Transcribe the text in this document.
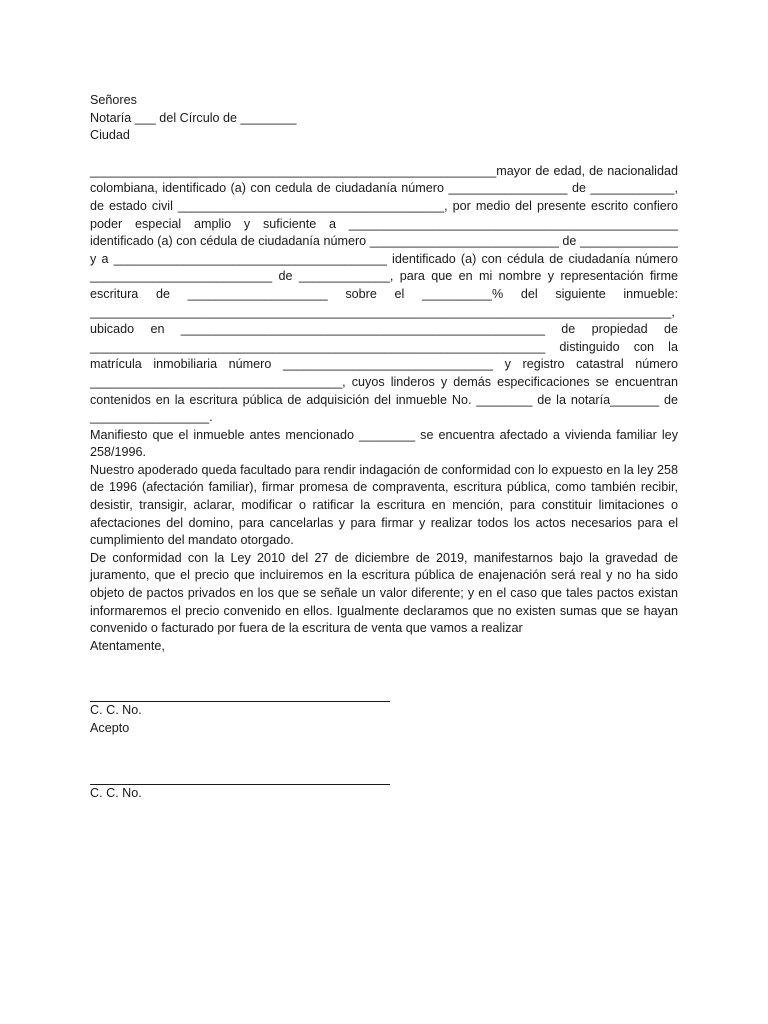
Señores

Notaría ___ del Círculo de ________

Ciudad

__________________________________________________________mayor de edad, de nacionalidad colombiana, identificado (a) con cedula de ciudadanía número _________________ de ____________, de estado civil ______________________________________, por medio del presente escrito confiero poder especial amplio y suficiente a _______________________________________________ identificado (a) con cédula de ciudadanía número ___________________________ de ______________ y a _______________________________________ identificado (a) con cédula de ciudadanía número __________________________ de _____________, para que en mi nombre y representación firme escritura de ____________________ sobre el __________% del siguiente inmueble: ___________________________________________________________________________________, ubicado en ____________________________________________________ de propiedad de _________________________________________________________________ distinguido con la matrícula inmobiliaria número ______________________________ y registro catastral número ____________________________________, cuyos linderos y demás especificaciones se encuentran contenidos en la escritura pública de adquisición del inmueble No. ________ de la notaría_______ de _________________.

Manifiesto que el inmueble antes mencionado ________ se encuentra afectado a vivienda familiar ley 258/1996.

Nuestro apoderado queda facultado para rendir indagación de conformidad con lo expuesto en la ley 258 de 1996 (afectación familiar), firmar promesa de compraventa, escritura pública, como también recibir, desistir, transigir, aclarar, modificar o ratificar la escritura en mención, para constituir limitaciones o afectaciones del domino, para cancelarlas y para firmar y realizar todos los actos necesarios para el cumplimiento del mandato otorgado.

De conformidad con la Ley 2010 del 27 de diciembre de 2019, manifestarnos bajo la gravedad de juramento, que el precio que incluiremos en la escritura pública de enajenación será real y no ha sido objeto de pactos privados en los que se señale un valor diferente; y en el caso que tales pactos existan informaremos el precio convenido en ellos. Igualmente declaramos que no existen sumas que se hayan convenido o facturado por fuera de la escritura de venta que vamos a realizar

Atentamente,

C. C. No.

Acepto

C. C. No.
